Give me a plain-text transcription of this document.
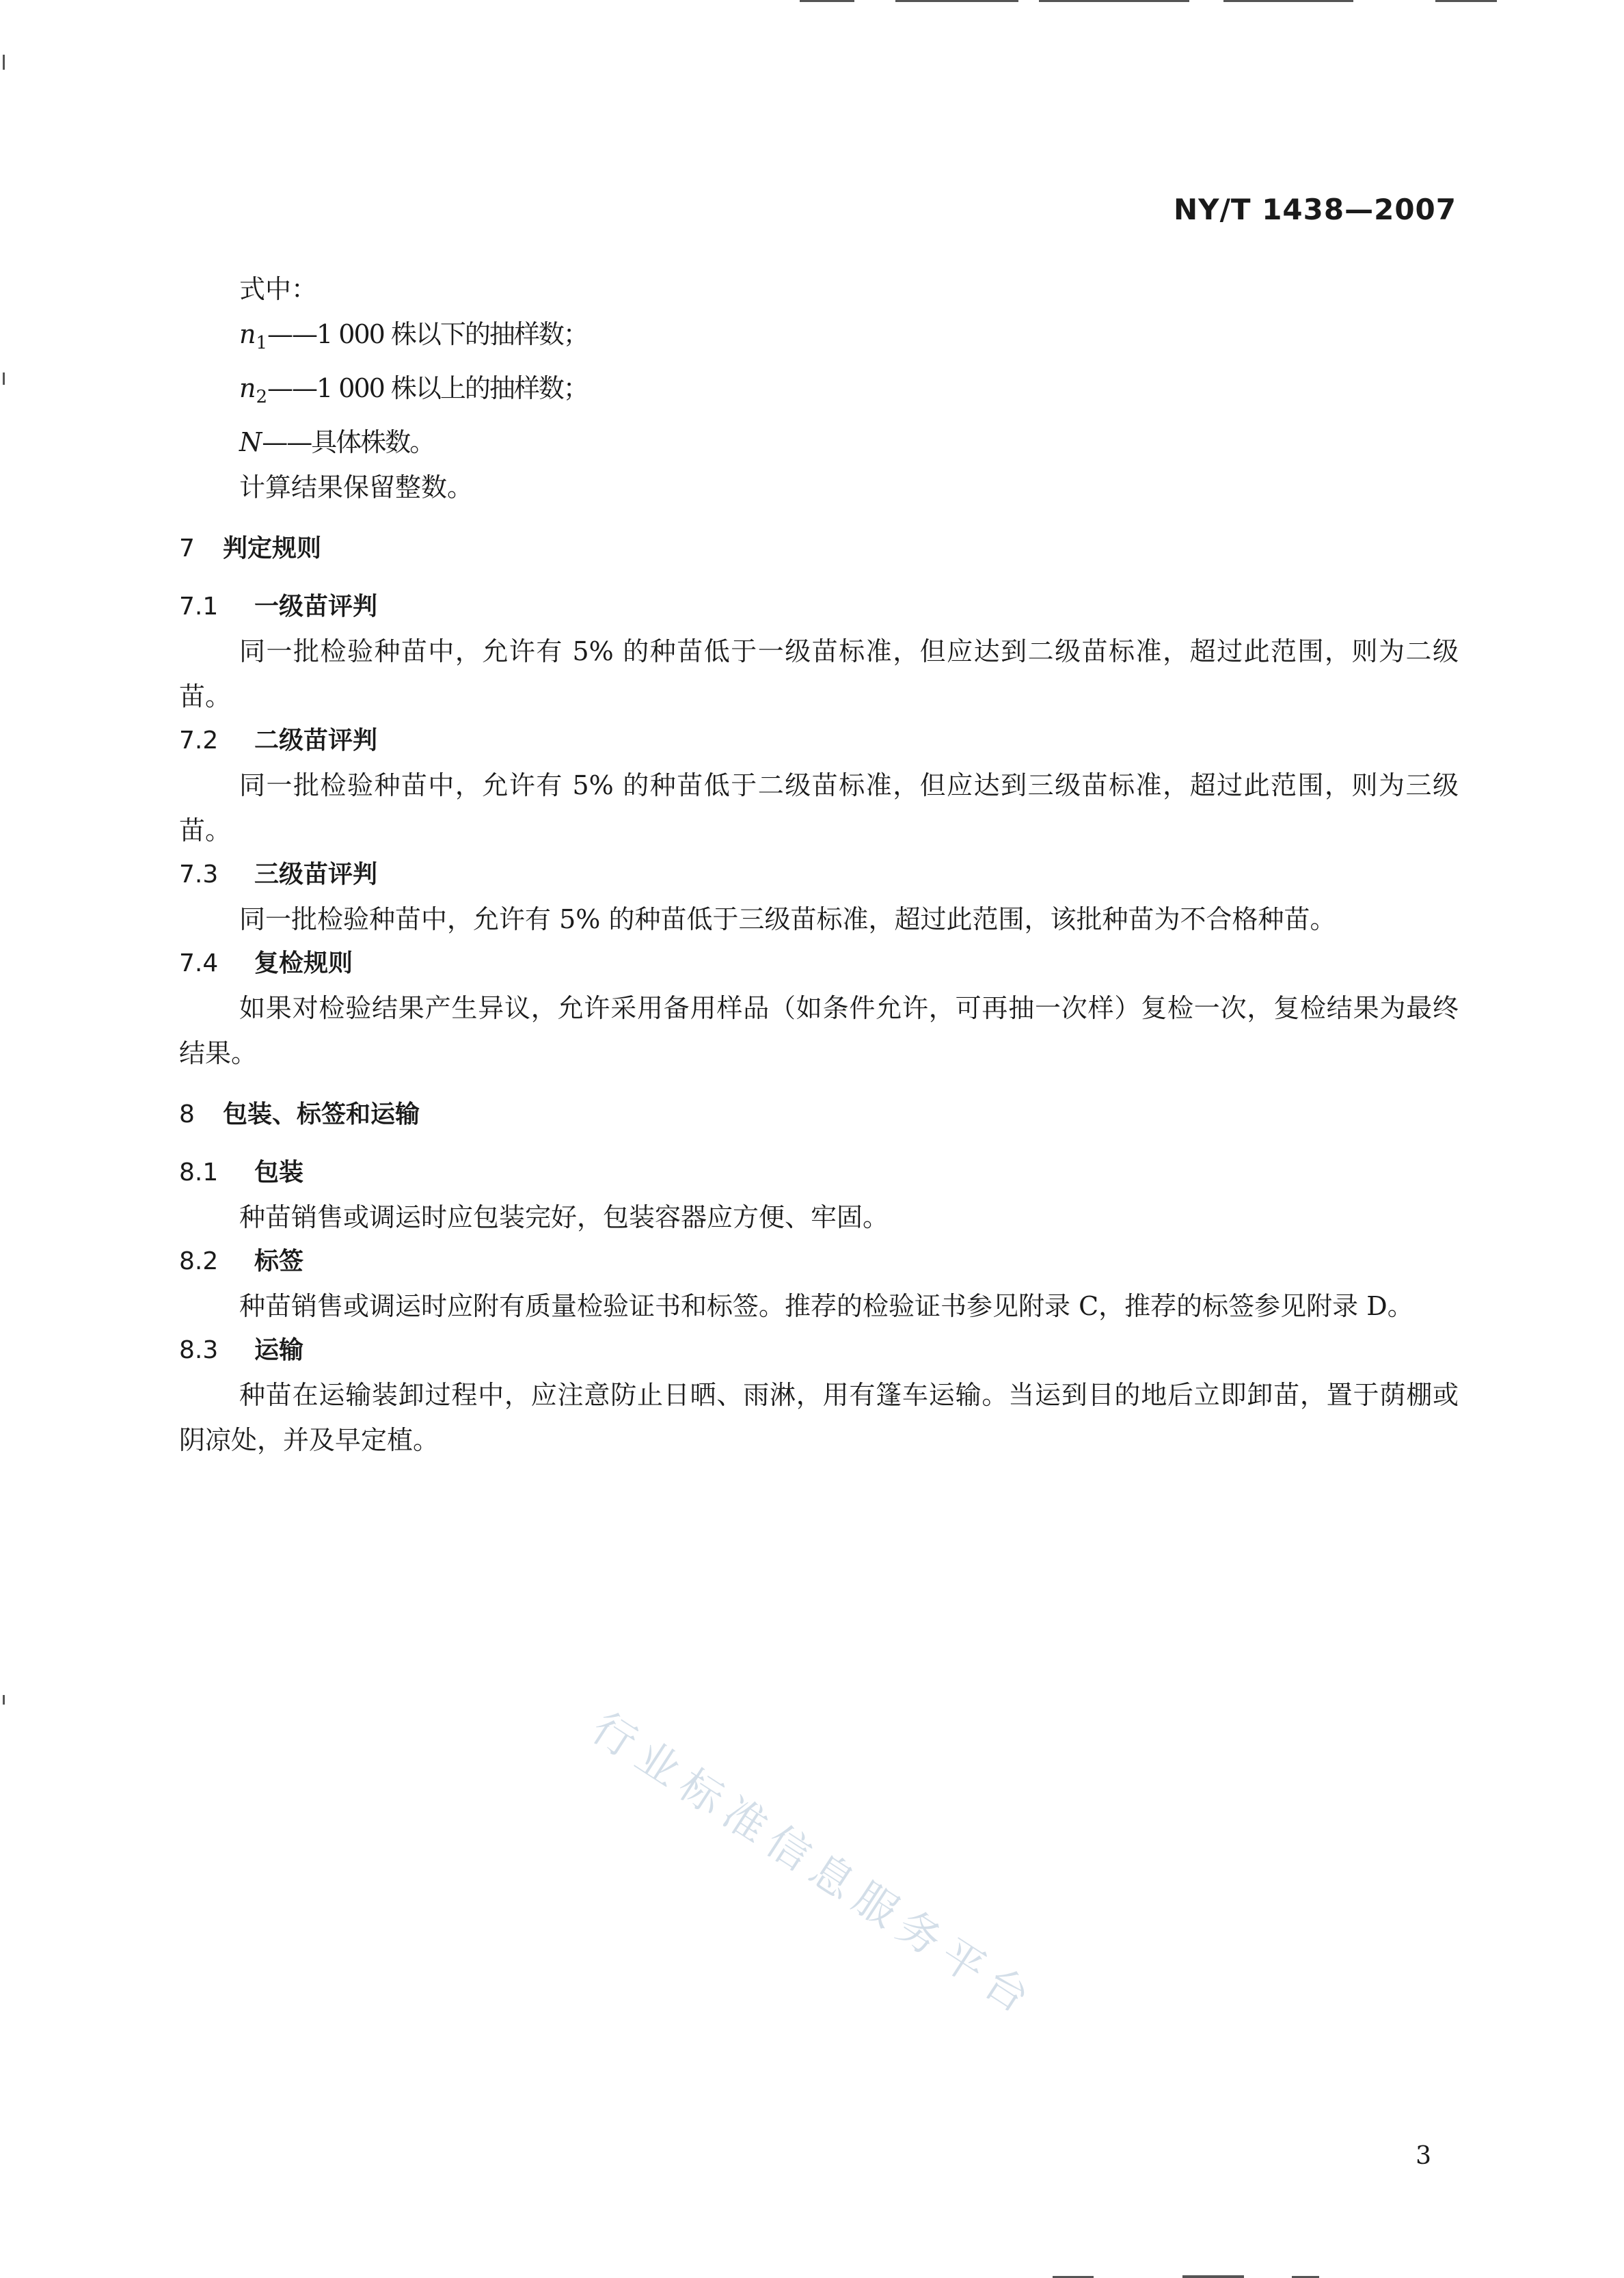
NY/T 1438—2007
式中：
$n_1——1$ 000 株以下的抽样数；
$n_2——1$ 000 株以上的抽样数；
N——具体株数。
计算结果保留整数。
7 判定规则
7.1 一级苗评判
同一批检验种苗中，允许有 5% 的种苗低于一级苗标准，但应达到二级苗标准，超过此范围，则为二级苗。
7.2 二级苗评判
同一批检验种苗中，允许有 5% 的种苗低于二级苗标准，但应达到三级苗标准，超过此范围，则为三级苗。
7.3 三级苗评判
同一批检验种苗中，允许有 5% 的种苗低于三级苗标准，超过此范围，该批种苗为不合格种苗。
7.4 复检规则
如果对检验结果产生异议，允许采用备用样品（如条件允许，可再抽一次样）复检一次，复检结果为最终结果。
8 包装、标签和运输
8.1 包装
种苗销售或调运时应包装完好，包装容器应方便、牢固。
8.2 标签
种苗销售或调运时应附有质量检验证书和标签。推荐的检验证书参见附录 C，推荐的标签参见附录 D。
8.3 运输
种苗在运输装卸过程中，应注意防止日晒、雨淋，用有篷车运输。当运到目的地后立即卸苗，置于荫棚或阴凉处，并及早定植。
行业标准信息服务平台
3
